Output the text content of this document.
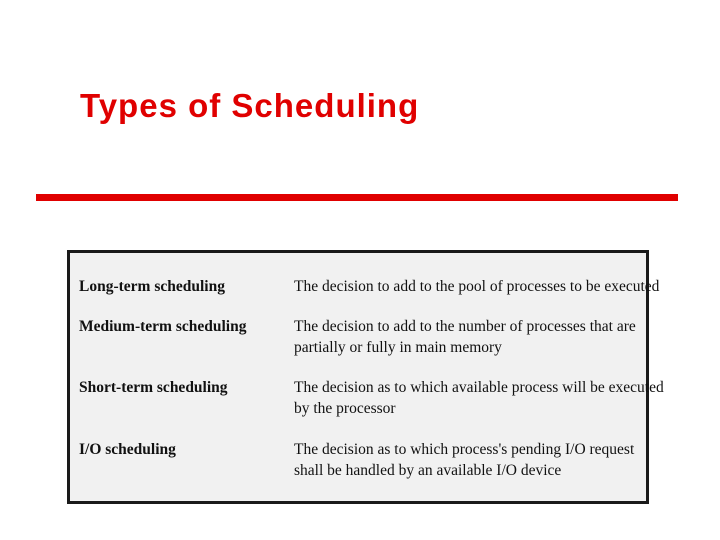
Types of Scheduling
Long-term scheduling	The decision to add to the pool of processes to be executed
Medium-term scheduling	The decision to add to the number of processes that are
partially or fully in main memory
Short-term scheduling	The decision as to which available process will be executed
by the processor
I/O scheduling	The decision as to which process's pending I/O request
shall be handled by an available I/O device
